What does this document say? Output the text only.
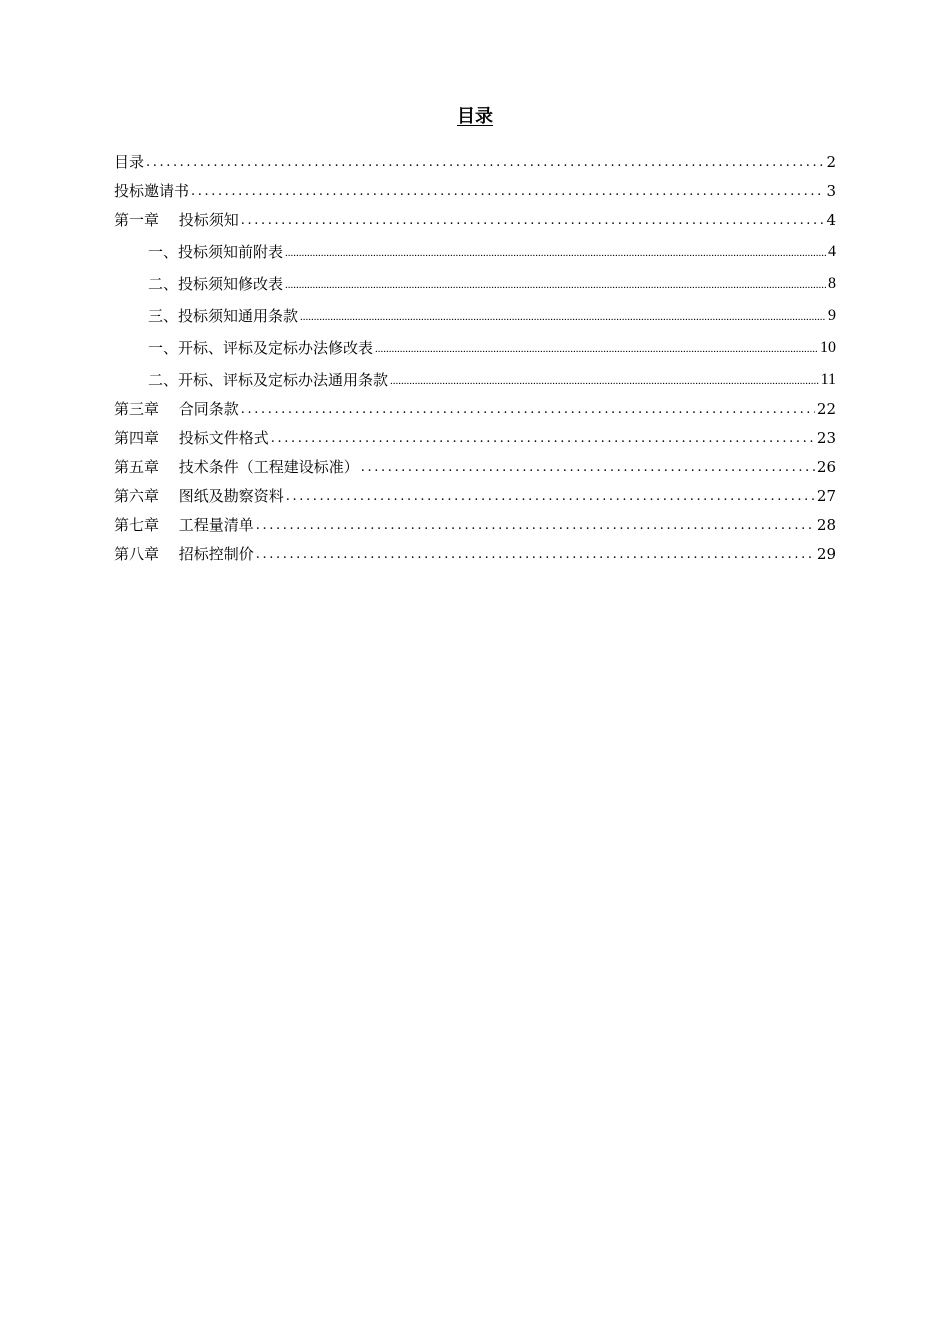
目录
目录 .....	2
投标邀请书 .....	3
第一章　 投标须知 .....	4
一、投标须知前附表 .....	4
二、投标须知修改表 .....	8
三、投标须知通用条款 .....	9
一、开标、评标及定标办法修改表 .....	10
二、开标、评标及定标办法通用条款 .....	11
第三章　 合同条款 .....	22
第四章　 投标文件格式 .....	23
第五章　 技术条件（工程建设标准） .....	26
第六章　 图纸及勘察资料 .....	27
第七章　 工程量清单 .....	28
第八章　 招标控制价 .....	29
